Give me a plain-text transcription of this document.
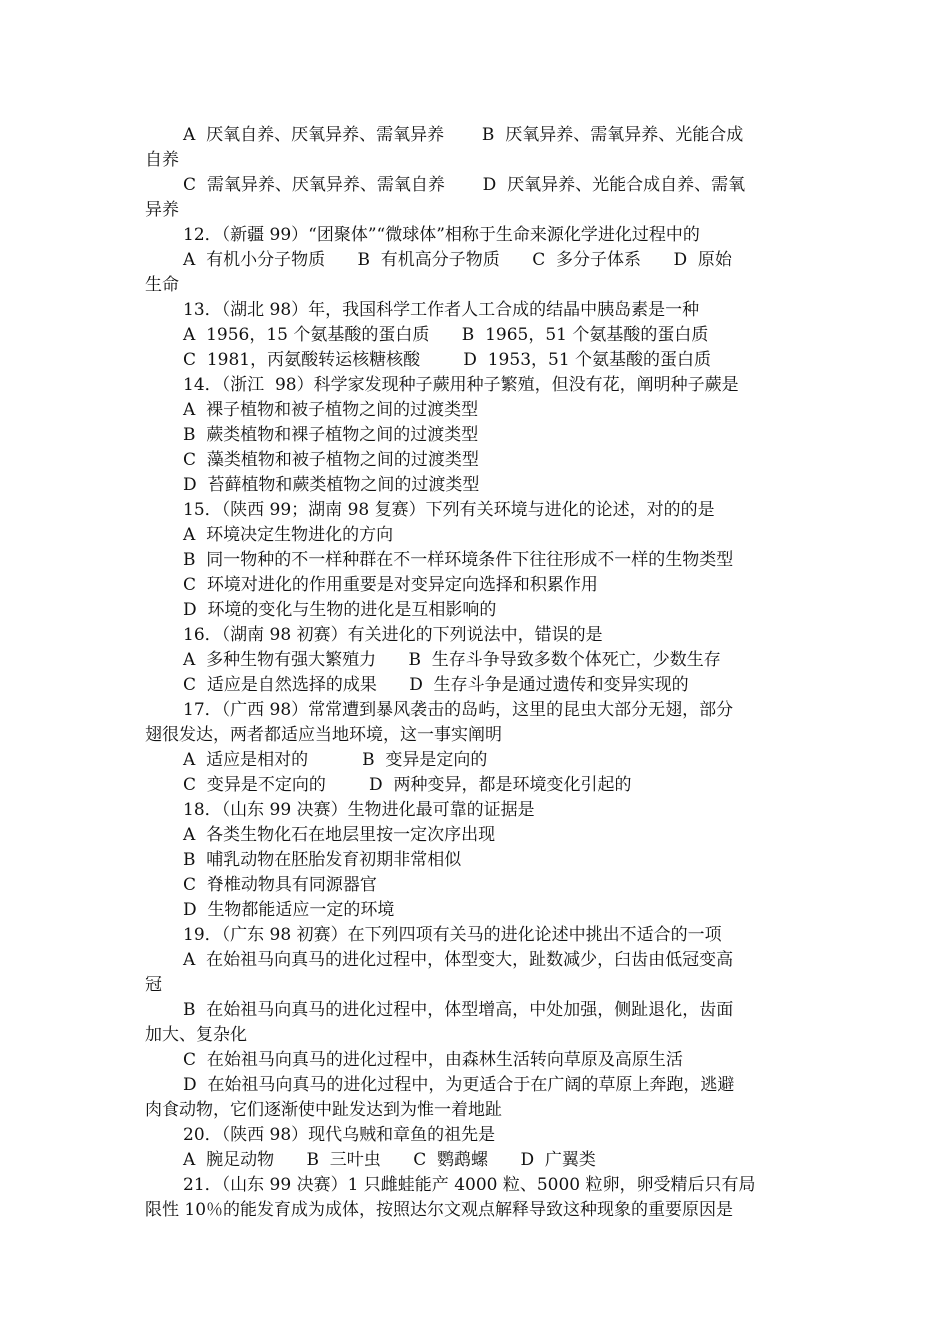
A  厌氧自养、厌氧异养、需氧异养       B  厌氧异养、需氧异养、光能合成
自养
C  需氧异养、厌氧异养、需氧自养       D  厌氧异养、光能合成自养、需氧
异养
12．（新疆 99）“团聚体”“微球体”相称于生命来源化学进化过程中的
A  有机小分子物质      B  有机高分子物质      C  多分子体系      D  原始
生命
13．（湖北 98）年，我国科学工作者人工合成的结晶中胰岛素是一种
A  1956，15 个氨基酸的蛋白质      B  1965，51 个氨基酸的蛋白质
C  1981，丙氨酸转运核糖核酸        D  1953，51 个氨基酸的蛋白质
14．（浙江  98）科学家发现种子蕨用种子繁殖，但没有花，阐明种子蕨是
A  裸子植物和被子植物之间的过渡类型
B  蕨类植物和裸子植物之间的过渡类型
C  藻类植物和被子植物之间的过渡类型
D  苔藓植物和蕨类植物之间的过渡类型
15．（陕西 99；湖南 98 复赛）下列有关环境与进化的论述，对的的是
A  环境决定生物进化的方向
B  同一物种的不一样种群在不一样环境条件下往往形成不一样的生物类型
C  环境对进化的作用重要是对变异定向选择和积累作用
D  环境的变化与生物的进化是互相影响的
16．（湖南 98 初赛）有关进化的下列说法中，错误的是
A  多种生物有强大繁殖力      B  生存斗争导致多数个体死亡，少数生存
C  适应是自然选择的成果      D  生存斗争是通过遗传和变异实现的
17．（广西 98）常常遭到暴风袭击的岛屿，这里的昆虫大部分无翅，部分
翅很发达，两者都适应当地环境，这一事实阐明
A  适应是相对的          B  变异是定向的
C  变异是不定向的        D  两种变异，都是环境变化引起的
18．（山东 99 决赛）生物进化最可靠的证据是
A  各类生物化石在地层里按一定次序出现
B  哺乳动物在胚胎发育初期非常相似
C  脊椎动物具有同源器官
D  生物都能适应一定的环境
19．（广东 98 初赛）在下列四项有关马的进化论述中挑出不适合的一项
A  在始祖马向真马的进化过程中，体型变大，趾数减少，臼齿由低冠变高
冠
B  在始祖马向真马的进化过程中，体型增高，中处加强，侧趾退化，齿面
加大、复杂化
C  在始祖马向真马的进化过程中，由森林生活转向草原及高原生活
D  在始祖马向真马的进化过程中，为更适合于在广阔的草原上奔跑，逃避
肉食动物，它们逐渐使中趾发达到为惟一着地趾
20．（陕西 98）现代乌贼和章鱼的祖先是
A  腕足动物      B  三叶虫      C  鹦鹉螺      D  广翼类
21．（山东 99 决赛）1 只雌蛙能产 4000 粒、5000 粒卵，卵受精后只有局
限性 10％的能发育成为成体，按照达尔文观点解释导致这种现象的重要原因是
